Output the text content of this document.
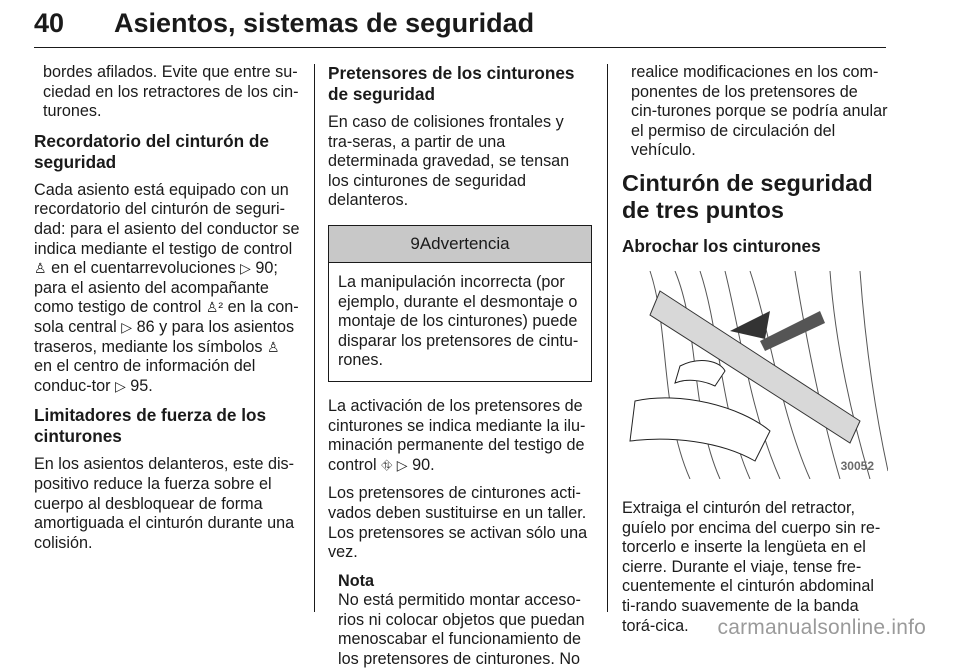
40 Asientos, sistemas de seguridad

bordes afilados. Evite que entre su-ciedad en los retractores de los cin-turones.

Recordatorio del cinturón de seguridad

Cada asiento está equipado con un recordatorio del cinturón de seguri-dad: para el asiento del conductor se indica mediante el testigo de control ♙ en el cuentarrevoluciones ▷ 90; para el asiento del acompañante como testigo de control ♙² en la con-sola central ▷ 86 y para los asientos traseros, mediante los símbolos ♙ en el centro de información del conduc-tor ▷ 95.

Limitadores de fuerza de los cinturones

En los asientos delanteros, este dis-positivo reduce la fuerza sobre el cuerpo al desbloquear de forma amortiguada el cinturón durante una colisión.

Pretensores de los cinturones de seguridad

En caso de colisiones frontales y tra-seras, a partir de una determinada gravedad, se tensan los cinturones de seguridad delanteros.

9Advertencia
La manipulación incorrecta (por ejemplo, durante el desmontaje o montaje de los cinturones) puede disparar los pretensores de cintu-rones.

La activación de los pretensores de cinturones se indica mediante la ilu-minación permanente del testigo de control ⛗ ▷ 90.

Los pretensores de cinturones acti-vados deben sustituirse en un taller. Los pretensores se activan sólo una vez.

Nota
No está permitido montar acceso-rios ni colocar objetos que puedan menoscabar el funcionamiento de los pretensores de cinturones. No

realice modificaciones en los com-ponentes de los pretensores de cin-turones porque se podría anular el permiso de circulación del vehículo.

Cinturón de seguridad de tres puntos
Abrochar los cinturones
30052

Extraiga el cinturón del retractor, guíelo por encima del cuerpo sin re-torcerlo e inserte la lengüeta en el cierre. Durante el viaje, tense fre-cuentemente el cinturón abdominal ti-rando suavemente de la banda torá-cica.	carmanualsonline.info
